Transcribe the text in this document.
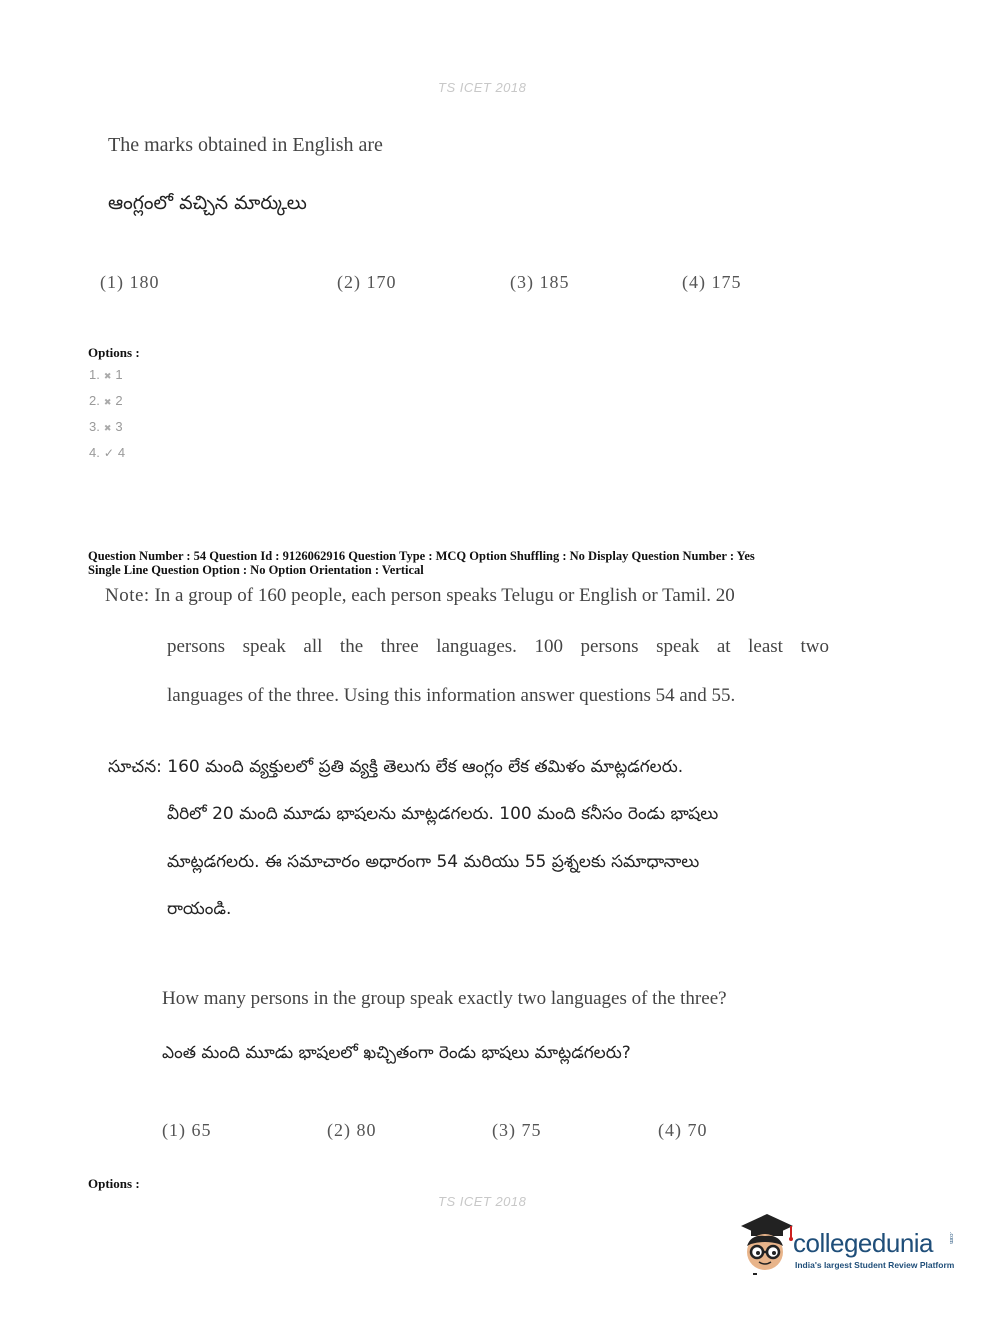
TS ICET 2018
The marks obtained in English are
ఆంగ్లంలో వచ్చిన మార్కులు
(1) 180	(2) 170	(3) 185	(4) 175
Options :
1. ✖ 1
2. ✖ 2
3. ✖ 3
4. ✓ 4
Question Number : 54 Question Id : 9126062916 Question Type : MCQ Option Shuffling : No Display Question Number : Yes
Single Line Question Option : No Option Orientation : Vertical
Note: In a group of 160 people, each person speaks Telugu or English or Tamil. 20
persons speak all the three languages. 100 persons speak at least two
languages of the three. Using this information answer questions 54 and 55.
సూచన: 160 మంది వ్యక్తులలో ప్రతి వ్యక్తి తెలుగు లేక ఆంగ్లం లేక తమిళం మాట్లడగలరు.
వీరిలో 20 మంది మూడు భాషలను మాట్లడగలరు. 100 మంది కనీసం రెండు భాషలు
మాట్లడగలరు. ఈ సమాచారం అధారంగా 54 మరియు 55 ప్రశ్నలకు సమాధానాలు
రాయండి.
How many persons in the group speak exactly two languages of the three?
ఎంత మంది మూడు భాషలలో ఖచ్చితంగా రెండు భాషలు మాట్లడగలరు?
(1) 65	(2) 80	(3) 75	(4) 70
Options :
TS ICET 2018
collegedunia .com
India's largest Student Review Platform
